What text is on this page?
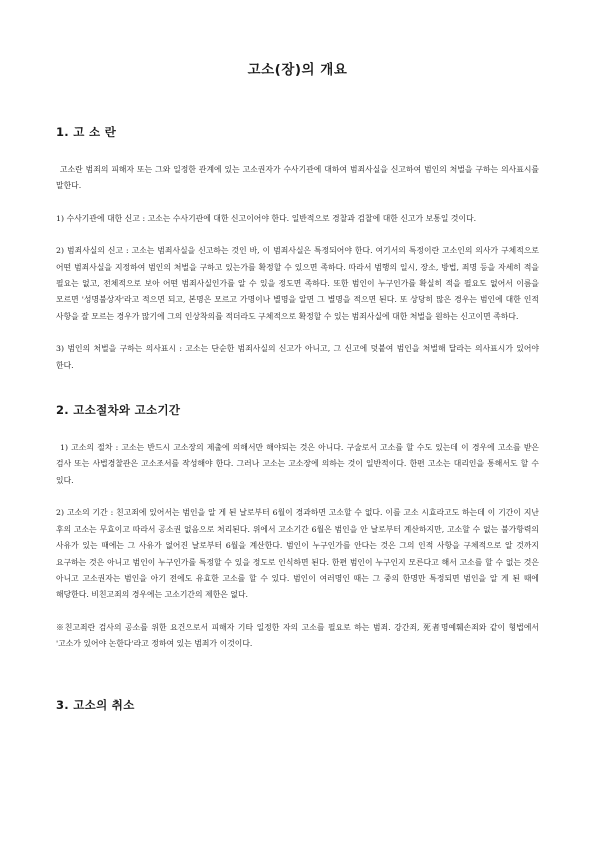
고소(장)의 개요
1. 고 소 란

고소란 범죄의 피해자 또는 그와 일정한 관계에 있는 고소권자가 수사기관에 대하여 범죄사실을 신고하여 범인의 처벌을 구하는 의사표시를 말한다.

1) 수사기관에 대한 신고 : 고소는 수사기관에 대한 신고이어야 한다. 일반적으로 경찰과 검찰에 대한 신고가 보통일 것이다.

2) 범죄사실의 신고 : 고소는 범죄사실을 신고하는 것인 바, 이 범죄사실은 특정되어야 한다. 여기서의 특정이란 고소인의 의사가 구체적으로 어떤 범죄사실을 지정하여 범인의 처벌을 구하고 있는가를 확정할 수 있으면 족하다. 따라서 범행의 일시, 장소, 방법, 죄명 등을 자세히 적을 필요는 없고, 전체적으로 보아 어떤 범죄사실인가를 알 수 있을 정도면 족하다. 또한 범인이 누구인가를 확실히 적을 필요도 없어서 이름을 모르면 '성명불상자'라고 적으면 되고, 본명은 모르고 가명이나 별명을 알면 그 별명을 적으면 된다. 또 상당히 많은 경우는 범인에 대한 인적 사항을 잘 모르는 경우가 많기에 그의 인상착의를 적더라도 구체적으로 확정할 수 있는 범죄사실에 대한 처벌을 원하는 신고이면 족하다.

3) 범인의 처벌을 구하는 의사표시 : 고소는 단순한 범죄사실의 신고가 아니고, 그 신고에 덧붙여 범인을 처벌해 달라는 의사표시가 있어야 한다.

2. 고소절차와 고소기간

1) 고소의 절차 : 고소는 반드시 고소장의 제출에 의해서만 해야되는 것은 아니다. 구술로서 고소를 할 수도 있는데 이 경우에 고소를 받은 검사 또는 사법경찰관은 고소조서를 작성해야 한다. 그러나 고소는 고소장에 의하는 것이 일반적이다. 한편 고소는 대리인을 통해서도 할 수 있다.

2) 고소의 기간 : 친고죄에 있어서는 범인을 알 게 된 날로부터 6월이 경과하면 고소할 수 없다. 이를 고소 시효라고도 하는데 이 기간이 지난 후의 고소는 무효이고 따라서 공소권 없음으로 처리된다. 위에서 고소기간 6월은 범인을 안 날로부터 계산하지만, 고소할 수 없는 불가항력의 사유가 있는 때에는 그 사유가 없어진 날로부터 6월을 계산한다. 범인이 누구인가를 안다는 것은 그의 인적 사항을 구체적으로 알 것까지 요구하는 것은 아니고 범인이 누구인가를 특정할 수 있을 정도로 인식하면 된다. 한편 범인이 누구인지 모른다고 해서 고소를 할 수 없는 것은 아니고 고소권자는 범인을 아기 전에도 유효한 고소를 할 수 있다. 범인이 여러명인 때는 그 중의 한명만 특정되면 범인을 알 게 된 때에 해당한다. 비친고죄의 경우에는 고소기간의 제한은 없다.

※친고죄란 검사의 공소를 위한 요건으로서 피해자 기타 일정한 자의 고소를 필요로 하는 범죄. 강간죄, 死者명예훼손죄와 같이 형법에서 '고소가 있어야 논한다'라고 정하여 있는 범죄가 이것이다.

3. 고소의 취소
